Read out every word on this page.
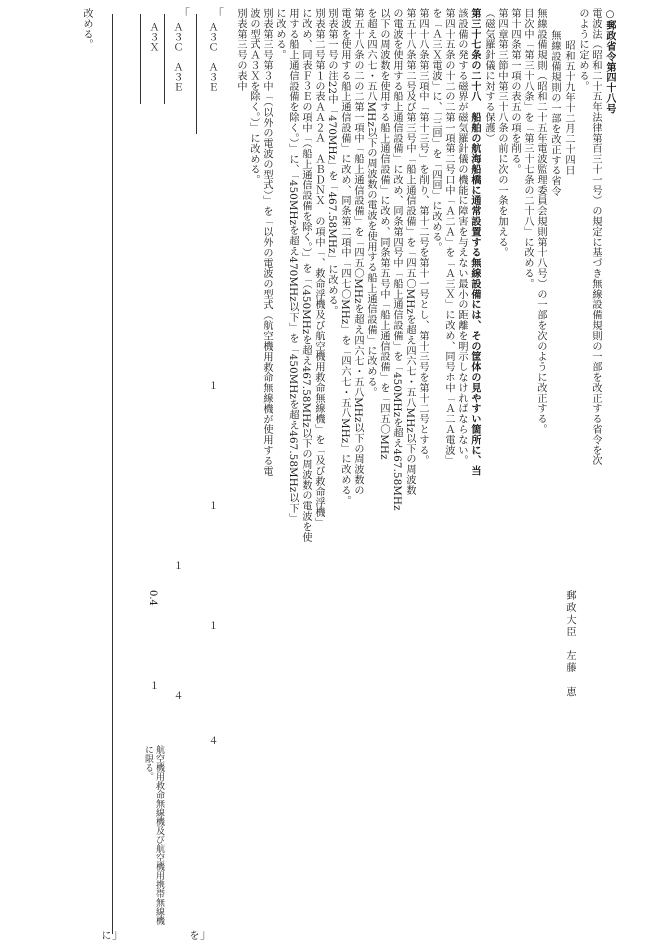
○郵政省令第四十八号
電波法（昭和二十五年法律第百三十一号）の規定に基づき無線設備規則の一部を改正する省令を次
のように定める。
昭和五十九年十二月二十四日
郵政大臣
左藤　恵
無線設備規則の一部を改正する省令
無線設備規則（昭和二十五年電波監理委員会規則第十八号）の一部を次のように改正する。
目次中「第三十八条」を「第三十七条の二十八」に改める。
第十四条第一項の表五の項を削る。
第四章第三節中第三十八条の前に次の一条を加える。
（磁気羅針儀に対する保護）
第三十七条の二十八　船舶の航海船橋に通常設置する無線設備には、その筐体の見やすい箇所に、当
該設備の発する磁界が磁気羅針儀の機能に障害を与えない最小の距離を明示しなければならない。
第四十五条の十二の二第一項第二号口中「Ａ二Ａ」を「Ａ三Ｘ」に改め、同号ホ中「Ａ二Ａ電波」
を「Ａ三Ｘ電波」に、「三回」を「四回」に改める。
第四十八条第三項中「第十三号」を削り、第十二号を第十一号とし、第十三号を第十二号とする。
第五十八条第二号及び第三号中「船上通信設備」を「四五〇MHzを超え四六七・五八MHz以下の周波数
の電波を使用する船上通信設備」に改め、同条第四号中「船上通信設備」を「450MHzを超え467.58MHz
以下の周波数を使用する船上通信設備」に改め、同条第五号中「船上通信設備」を「四五〇MHz
を超え四六七・五八MHz以下の周波数の電波を使用する船上通信設備」に改める。
第五十八条の二の二第一項中「船上通信設備」を「四五〇MHzを超え四六七・五八MHz以下の周波数の
電波を使用する船上通信設備」に改め、同条第二項中「四七〇MHz」を「四六七・五八MHz」に改める。
別表第一号の注22中「470MHz」を「467.58MHz」に改める。
別表第二号第１の表ＡＡ２Ａ　ＡＢＤＮＸ　の項中「、救命浮機及び航空機用救命無線機」を「及び救命浮機」
に改め、同表Ｆ３Ｅの項中「（船上通信設備を除く。）」を「（450MHzを超え467.58MHz以下の周波数の電波を使
用する船上通信設備を除く。）」に、「450MHzを超え470MHz以下」を「450MHzを超え467.58MHz以下」
に改める。
別表第三号第３中「（以外の電波の型式）」を「以外の電波の型式（航空機用救命無線機が使用する電
波の型式Ａ３Ｘを除く。）」に改める。
別表第三号の表中
「
Ａ３Ｃ　Ａ３Ｅ
１
１
１
４
」
を
「
Ａ３Ｃ　Ａ３Ｅ
１
４
Ａ３Ｘ
0.4
１
航空機用救命無線機及び航空機用携帯無線機に限る。
」
に
改める。
